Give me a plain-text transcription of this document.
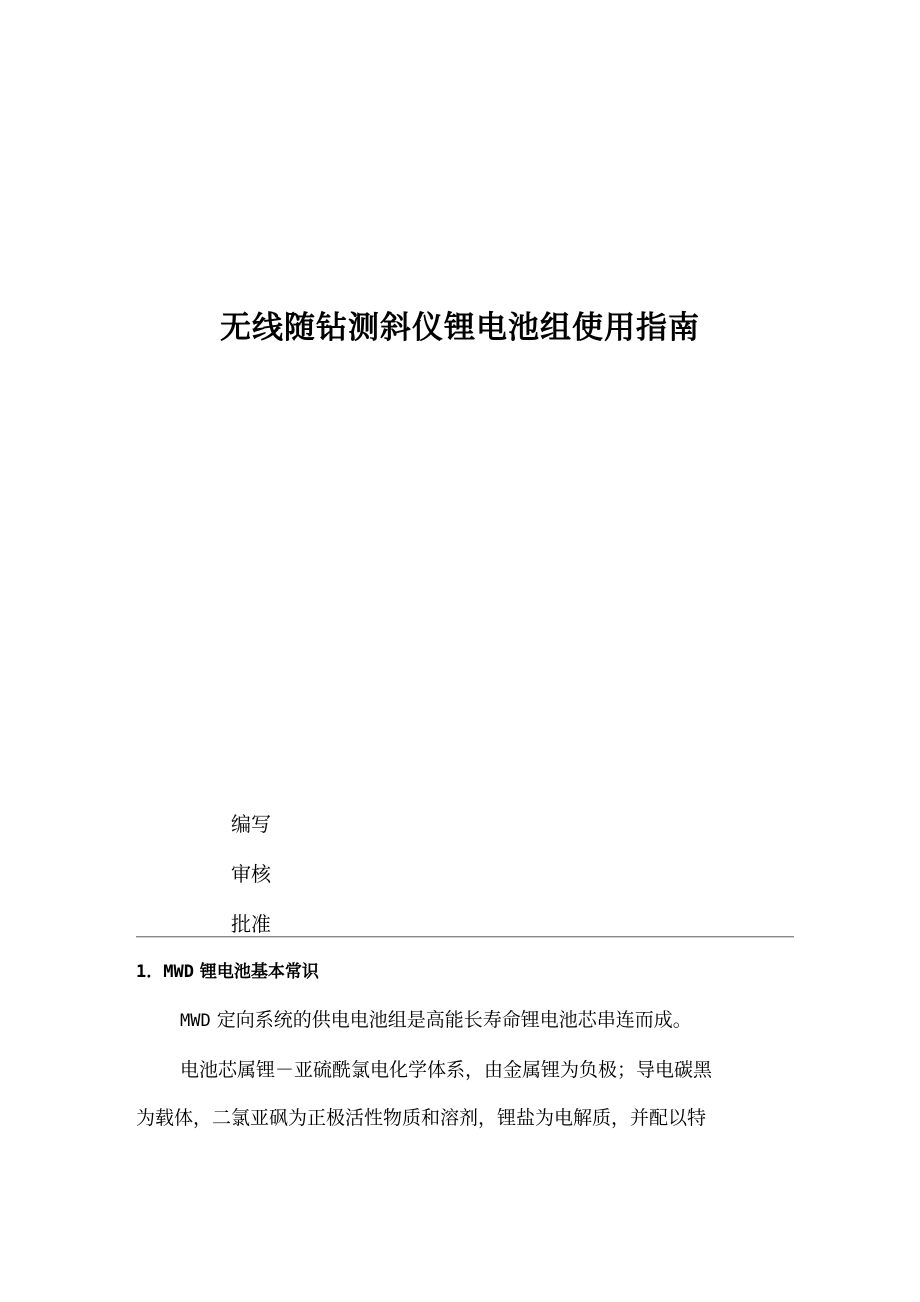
无线随钻测斜仪锂电池组使用指南
编写
审核
批准
1．MWD 锂电池基本常识
MWD 定向系统的供电电池组是高能长寿命锂电池芯串连而成。
电池芯属锂－亚硫酰氯电化学体系，由金属锂为负极；导电碳黑
为载体，二氯亚砜为正极活性物质和溶剂，锂盐为电解质，并配以特
